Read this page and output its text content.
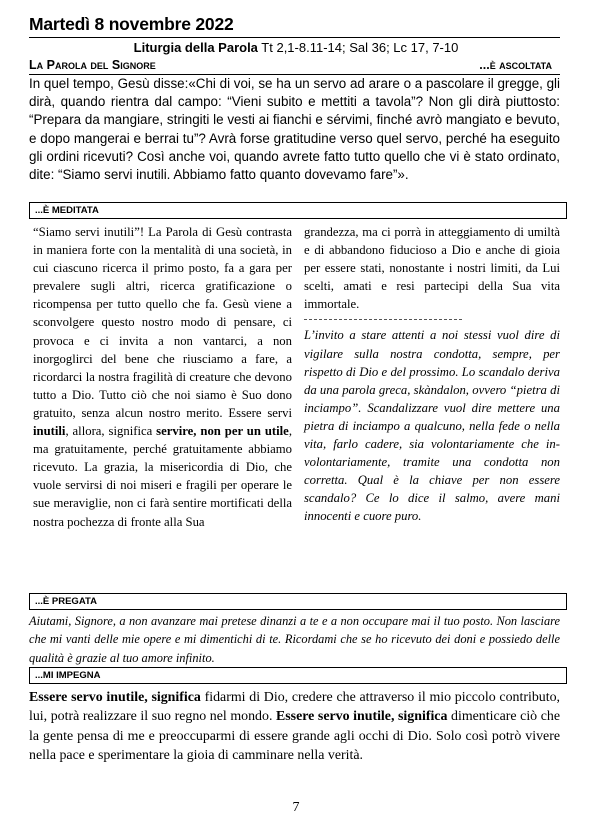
Martedì 8 novembre 2022
Liturgia della Parola Tt 2,1-8.11-14; Sal 36; Lc 17, 7-10
La Parola del Signore	...è ascoltata
In quel tempo, Gesù disse:«Chi di voi, se ha un servo ad arare o a pascolare il gregge, gli dirà, quando rientra dal campo: “Vieni subito e mettiti a tavola”? Non gli dirà piuttosto: “Prepara da mangiare, stringiti le vesti ai fianchi e sérvimi, finché avrò mangiato e bevuto, e dopo mangerai e berrai tu”? Avrà forse gratitudine verso quel servo, perché ha eseguito gli ordini ricevuti? Così anche voi, quando avrete fatto tutto quello che vi è stato ordinato, dite: “Siamo servi inutili. Abbiamo fatto quanto dovevamo fare”».
...È MEDITATA
“Siamo servi inutili”! La Parola di Gesù contrasta in maniera forte con la mentalità di una società, in cui ciascuno ricerca il primo posto, fa a gara per prevalere sugli altri, ricerca gratificazione o ricompensa per tutto quello che fa. Gesù viene a sconvolgere questo nostro modo di pensare, ci provoca e ci invita a non vantarci, a non inorgoglirci del bene che riusciamo a fare, a ricordarci la nostra fragilità di creature che devono tutto a Dio. Tutto ciò che noi siamo è Suo dono gratuito, senza alcun nostro merito. Essere servi inutili, allora, significa servire, non per un utile, ma gratuitamente, perché gratuitamente abbiamo ricevuto. La grazia, la misericordia di Dio, che vuole servirsi di noi miseri e fragili per operare le sue meraviglie, non ci farà sentire mortificati della nostra pochezza di fronte alla Sua
grandezza, ma ci porrà in atteggiamento di umiltà e di abbandono fiducioso a Dio e anche di gioia per essere stati, nonostante i nostri limiti, da Lui scelti, amati e resi partecipi della Sua vita immortale.
L’invito a stare attenti a noi stessi vuol dire di vigilare sulla nostra condotta, sempre, per rispetto di Dio e del prossimo. Lo scandalo deriva da una parola greca, skàndalon, ovvero “pietra di inciampo”. Scandalizzare vuol dire mettere una pietra di inciampo a qualcuno, nella fede o nella vita, farlo cadere, sia volontariamente che in-volontariamente, tramite una condotta non corretta. Qual è la chiave per non essere scandalo? Ce lo dice il salmo, avere mani innocenti e cuore puro.
...È PREGATA
Aiutami, Signore, a non avanzare mai pretese dinanzi a te e a non occupare mai il tuo posto. Non lasciare che mi vanti delle mie opere e mi dimentichi di te. Ricordami che se ho ricevuto dei doni e possiedo delle qualità è grazie al tuo amore infinito.
...MI IMPEGNA
Essere servo inutile, significa fidarmi di Dio, credere che attraverso il mio piccolo contributo, lui, potrà realizzare il suo regno nel mondo. Essere servo inutile, significa dimenticare ciò che la gente pensa di me e preoccuparmi di essere grande agli occhi di Dio. Solo così potrò vivere nella pace e sperimentare la gioia di camminare nella verità.
7
